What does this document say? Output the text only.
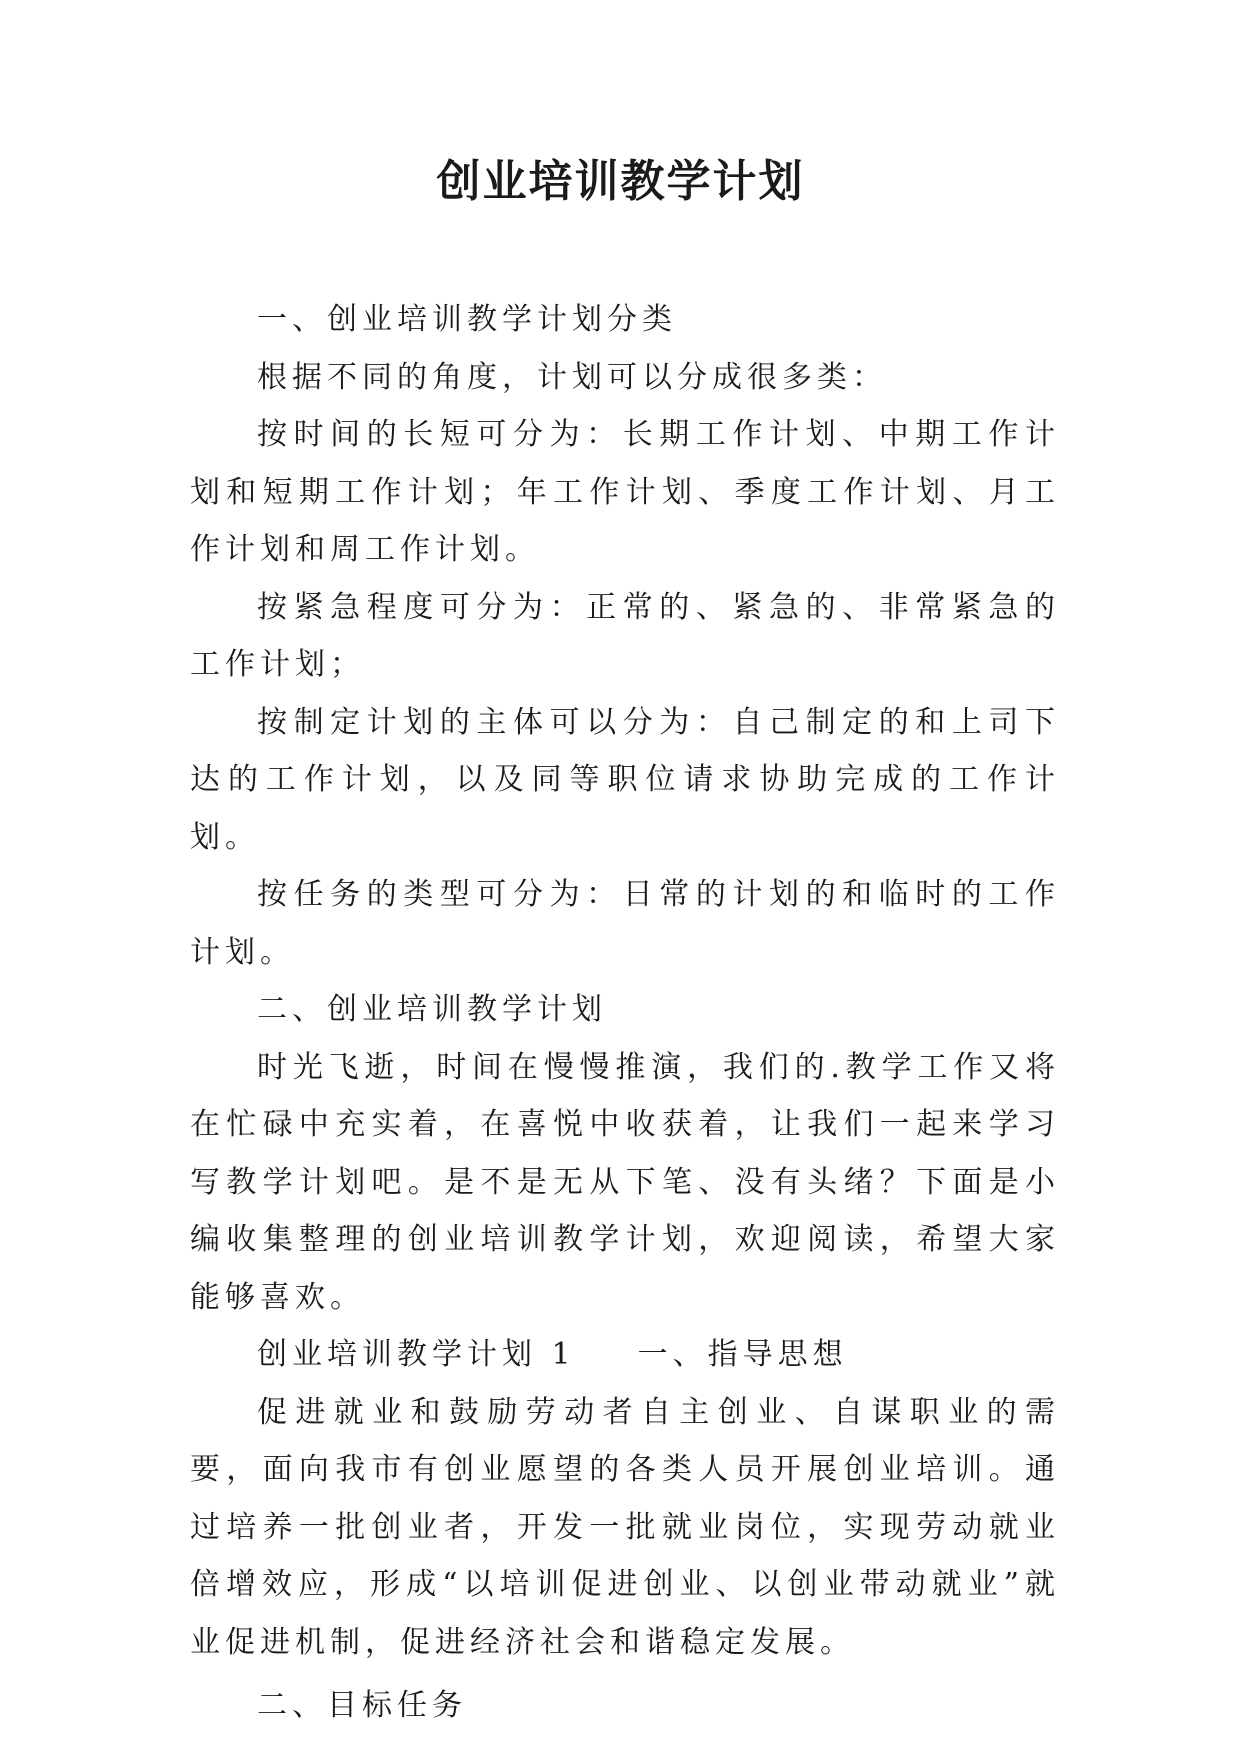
创业培训教学计划

一、创业培训教学计划分类

根据不同的角度，计划可以分成很多类：

按时间的长短可分为：长期工作计划、中期工作计划和短期工作计划；年工作计划、季度工作计划、月工作计划和周工作计划。

按紧急程度可分为：正常的、紧急的、非常紧急的工作计划；

按制定计划的主体可以分为：自己制定的和上司下达的工作计划，以及同等职位请求协助完成的工作计划。

按任务的类型可分为：日常的计划的和临时的工作计划。

二、创业培训教学计划

时光飞逝，时间在慢慢推演，我们的.教学工作又将在忙碌中充实着，在喜悦中收获着，让我们一起来学习写教学计划吧。是不是无从下笔、没有头绪？下面是小编收集整理的创业培训教学计划，欢迎阅读，希望大家能够喜欢。

创业培训教学计划 1 一、指导思想

促进就业和鼓励劳动者自主创业、自谋职业的需要，面向我市有创业愿望的各类人员开展创业培训。通过培养一批创业者，开发一批就业岗位，实现劳动就业倍增效应，形成“以培训促进创业、以创业带动就业”就业促进机制，促进经济社会和谐稳定发展。

二、目标任务
